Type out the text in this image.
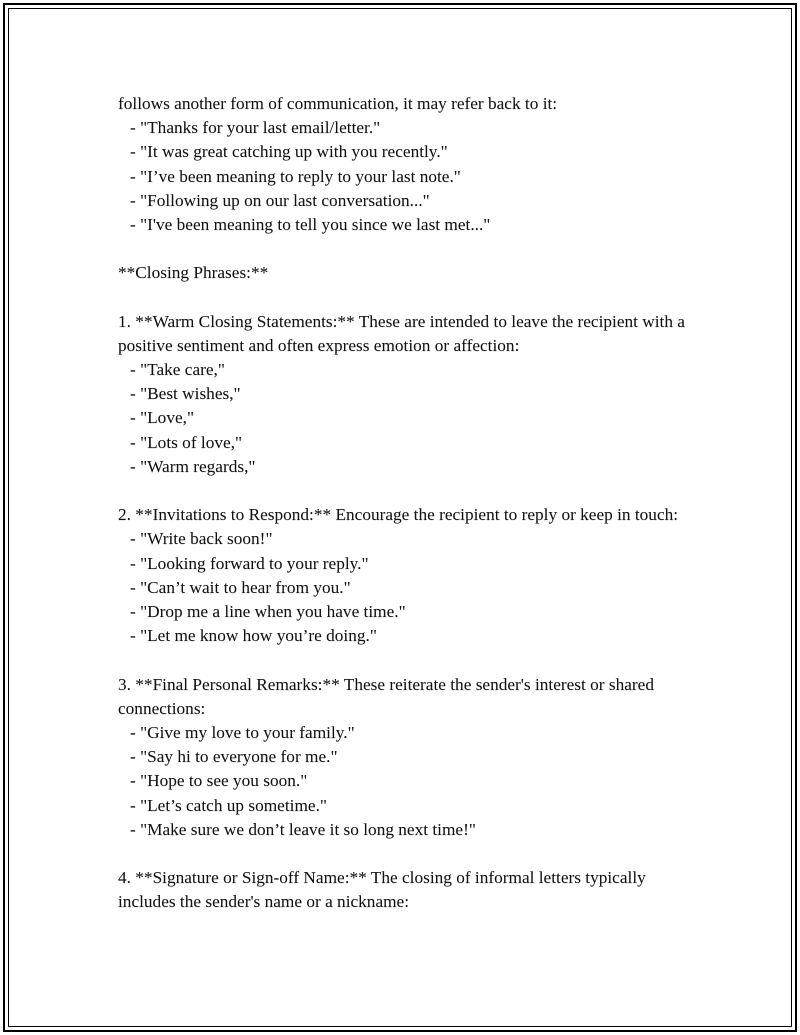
follows another form of communication, it may refer back to it:
- "Thanks for your last email/letter."
- "It was great catching up with you recently."
- "I’ve been meaning to reply to your last note."
- "Following up on our last conversation..."
- "I've been meaning to tell you since we last met..."
**Closing Phrases:**
1. **Warm Closing Statements:** These are intended to leave the recipient with a positive sentiment and often express emotion or affection:
- "Take care,"
- "Best wishes,"
- "Love,"
- "Lots of love,"
- "Warm regards,"
2. **Invitations to Respond:** Encourage the recipient to reply or keep in touch:
- "Write back soon!"
- "Looking forward to your reply."
- "Can’t wait to hear from you."
- "Drop me a line when you have time."
- "Let me know how you’re doing."
3. **Final Personal Remarks:** These reiterate the sender's interest or shared connections:
- "Give my love to your family."
- "Say hi to everyone for me."
- "Hope to see you soon."
- "Let’s catch up sometime."
- "Make sure we don’t leave it so long next time!"
4. **Signature or Sign-off Name:** The closing of informal letters typically includes the sender's name or a nickname:
